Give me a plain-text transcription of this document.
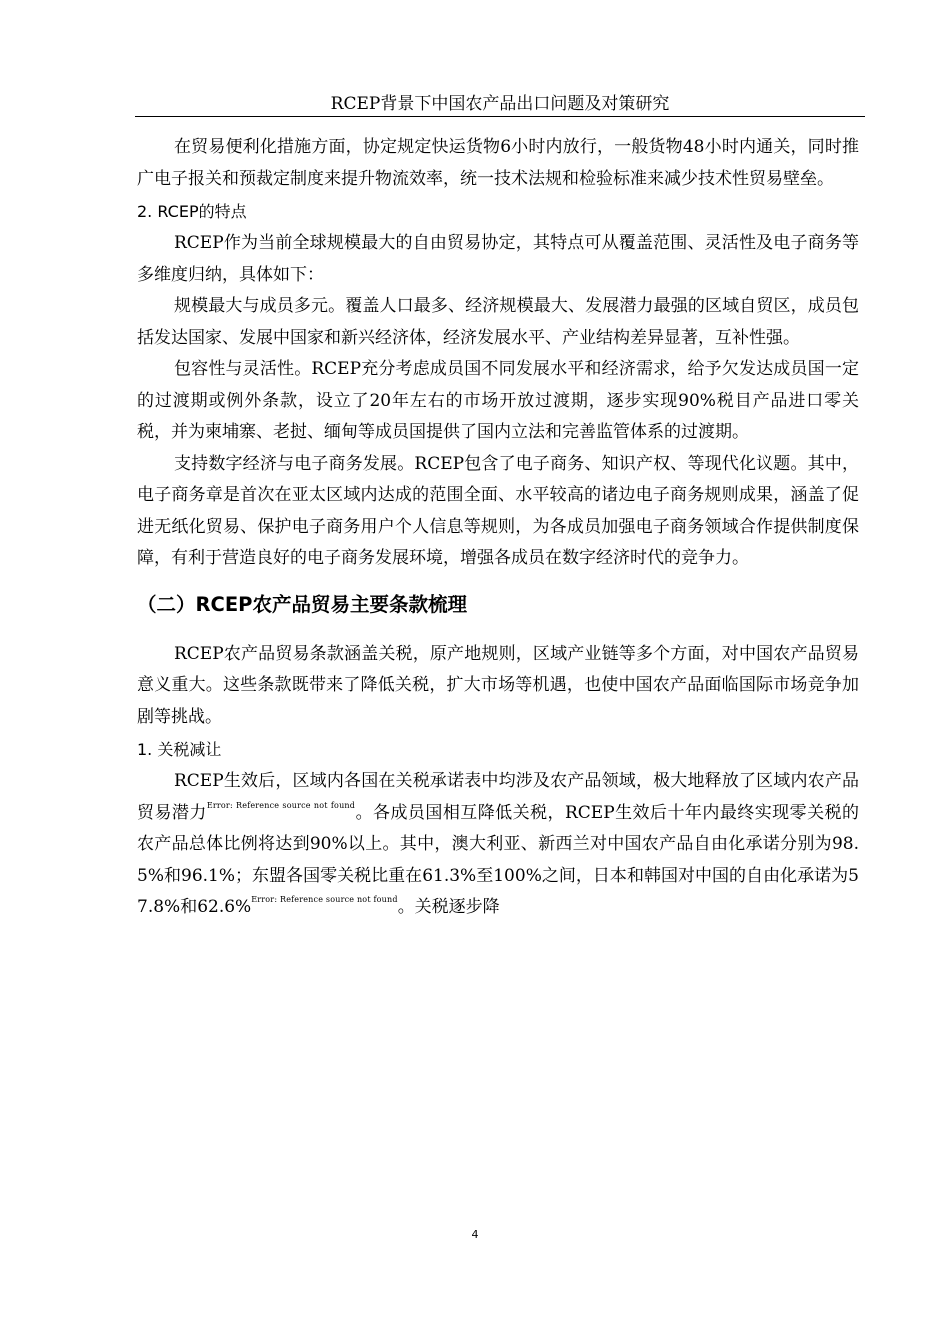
RCEP背景下中国农产品出口问题及对策研究

在贸易便利化措施方面，协定规定快运货物6小时内放行，一般货物48小时内通关，同时推广电子报关和预裁定制度来提升物流效率，统一技术法规和检验标准来减少技术性贸易壁垒。

2. RCEP的特点

RCEP作为当前全球规模最大的自由贸易协定，其特点可从覆盖范围、灵活性及电子商务等多维度归纳，具体如下：

规模最大与成员多元。覆盖人口最多、经济规模最大、发展潜力最强的区域自贸区，成员包括发达国家、发展中国家和新兴经济体，经济发展水平、产业结构差异显著，互补性强。

包容性与灵活性。RCEP充分考虑成员国不同发展水平和经济需求，给予欠发达成员国一定的过渡期或例外条款，设立了20年左右的市场开放过渡期，逐步实现90%税目产品进口零关税，并为柬埔寨、老挝、缅甸等成员国提供了国内立法和完善监管体系的过渡期。

支持数字经济与电子商务发展。RCEP包含了电子商务、知识产权、等现代化议题。其中，电子商务章是首次在亚太区域内达成的范围全面、水平较高的诸边电子商务规则成果，涵盖了促进无纸化贸易、保护电子商务用户个人信息等规则，为各成员加强电子商务领域合作提供制度保障，有利于营造良好的电子商务发展环境，增强各成员在数字经济时代的竞争力。

（二）RCEP农产品贸易主要条款梳理

RCEP农产品贸易条款涵盖关税，原产地规则，区域产业链等多个方面，对中国农产品贸易意义重大。这些条款既带来了降低关税，扩大市场等机遇，也使中国农产品面临国际市场竞争加剧等挑战。

1. 关税减让

RCEP生效后，区域内各国在关税承诺表中均涉及农产品领域，极大地释放了区域内农产品贸易潜力$^{Error: Reference source not found}$。各成员国相互降低关税，RCEP生效后十年内最终实现零关税的农产品总体比例将达到90%以上。其中，澳大利亚、新西兰对中国农产品自由化承诺分别为98.5%和96.1%；东盟各国零关税比重在61.3%至100%之间，日本和韩国对中国的自由化承诺为57.8%和62.6%$^{Error: Reference source not found}$。关税逐步降

4
